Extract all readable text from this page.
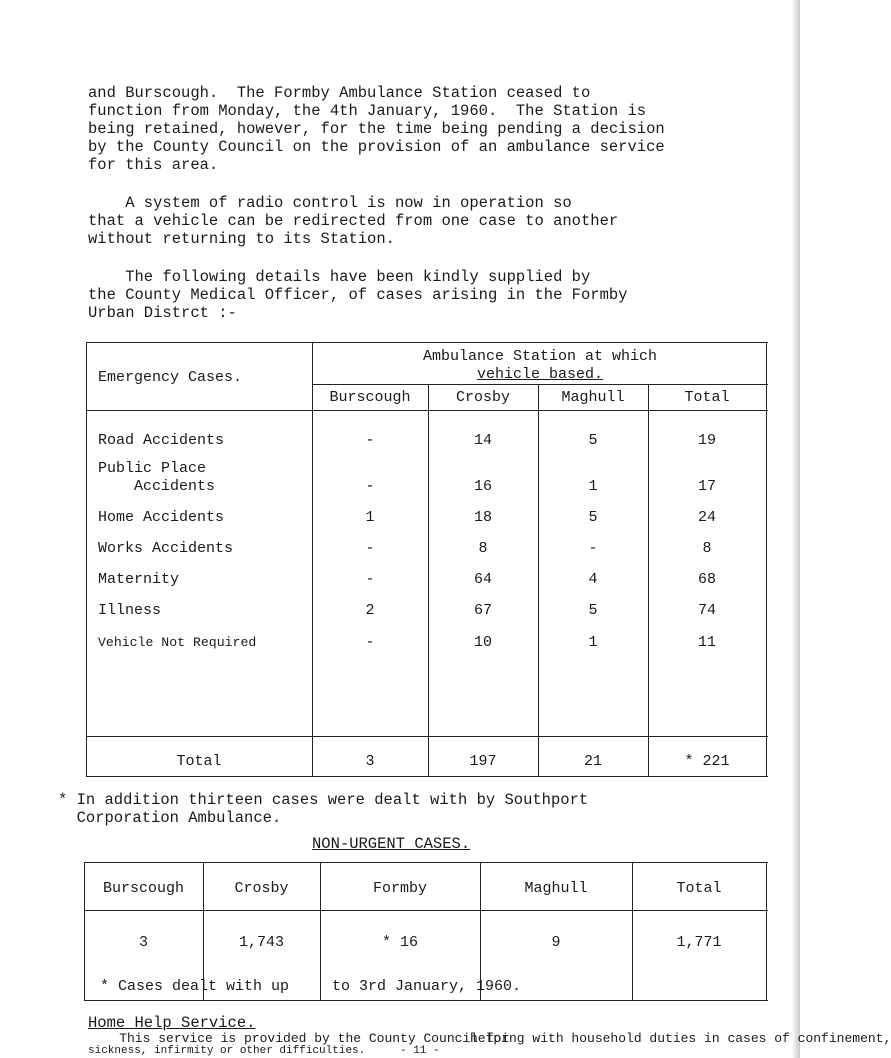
and Burscough.  The Formby Ambulance Station ceased to
function from Monday, the 4th January, 1960.  The Station is
being retained, however, for the time being pending a decision
by the County Council on the provision of an ambulance service
for this area.
A system of radio control is now in operation so
that a vehicle can be redirected from one case to another
without returning to its Station.
The following details have been kindly supplied by
the County Medical Officer, of cases arising in the Formby
Urban Distrct :-
Emergency Cases.
Ambulance Station at which
vehicle based.
Burscough	Crosby	Maghull	Total
Road Accidents	-	14	5	19
Public Place
Accidents	-	16	1	17
Home Accidents	1	18	5	24
Works Accidents	-	8	-	8
Maternity	-	64	4	68
Illness	2	67	5	74
Vehicle Not Required	-	10	1	11
Total	3	197	21	* 221
* In addition thirteen cases were dealt with by Southport
Corporation Ambulance.
NON-URGENT CASES.
Burscough	Crosby	Formby	Maghull	Total
3	1,743	* 16	9	1,771
* Cases dealt with up	to 3rd January, 1960.
Home Help Service.
This service is provided by the County Council for
helping with household duties in cases of confinement,
sickness, infirmity or other difficulties.	- 11 -
